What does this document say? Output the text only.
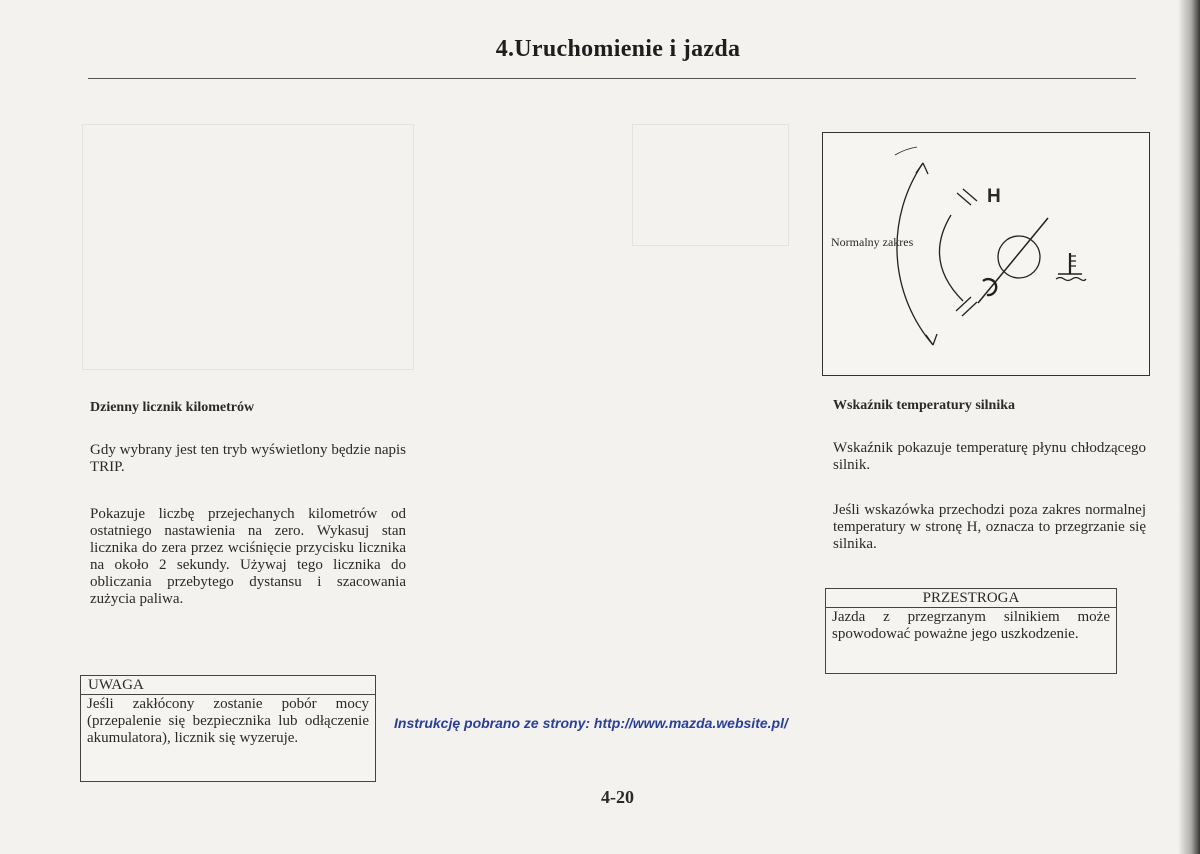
4.Uruchomienie i jazda
Dzienny licznik kilometrów
Gdy wybrany jest ten tryb wyświetlony będzie napis TRIP.
Pokazuje liczbę przejechanych kilometrów od ostatniego nastawienia na zero. Wykasuj stan licznika do zera przez wciśnięcie przycisku licznika na około 2 sekundy. Używaj tego licznika do obliczania przebytego dystansu i szacowania zużycia paliwa.
UWAGA
Jeśli zakłócony zostanie pobór mocy (przepalenie się bezpiecznika lub odłączenie akumulatora), licznik się wyzeruje.
Normalny zakres
H
Wskaźnik temperatury silnika
Wskaźnik pokazuje temperaturę płynu chłodzącego silnik.
Jeśli wskazówka przechodzi poza zakres normalnej temperatury w stronę H, oznacza to przegrzanie się silnika.
PRZESTROGA
Jazda z przegrzanym silnikiem może spowodować poważne jego uszkodzenie.
Instrukcję pobrano ze strony: http://www.mazda.website.pl/
4-20
